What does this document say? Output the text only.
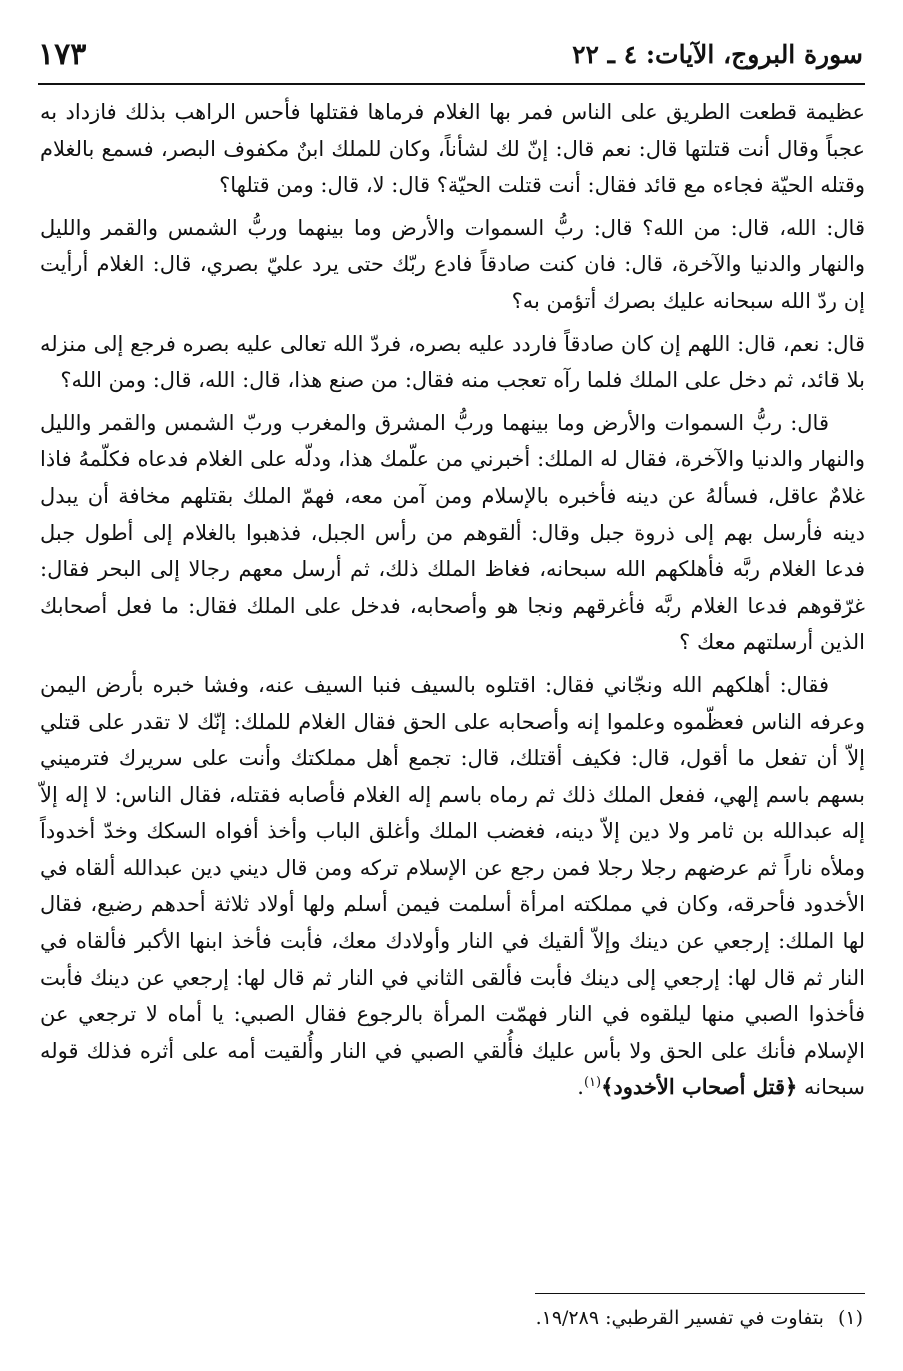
سورة البروج، الآيات: ٤ ـ ٢٢
١٧٣

عظيمة قطعت الطريق على الناس فمر بها الغلام فرماها فقتلها فأحس الراهب بذلك فازداد به عجباً وقال أنت قتلتها قال: نعم قال: إنّ لك لشأناً، وكان للملك ابنٌ مكفوف البصر، فسمع بالغلام وقتله الحيّة فجاءه مع قائد فقال: أنت قتلت الحيّة؟ قال: لا، قال: ومن قتلها؟

قال: الله، قال: من الله؟ قال: ربُّ السموات والأرض وما بينهما وربُّ الشمس والقمر والليل والنهار والدنيا والآخرة، قال: فان كنت صادقاً فادع ربّك حتى يرد عليّ بصري، قال: الغلام أرأيت إن ردّ الله سبحانه عليك بصرك أتؤمن به؟

قال: نعم، قال: اللهم إن كان صادقاً فاردد عليه بصره، فردّ الله تعالى عليه بصره فرجع إلى منزله بلا قائد، ثم دخل على الملك فلما رآه تعجب منه فقال: من صنع هذا، قال: الله، قال: ومن الله؟

قال: ربُّ السموات والأرض وما بينهما وربُّ المشرق والمغرب وربّ الشمس والقمر والليل والنهار والدنيا والآخرة، فقال له الملك: أخبرني من علّمك هذا، ودلّه على الغلام فدعاه فكلّمهُ فاذا غلامٌ عاقل، فسألهُ عن دينه فأخبره بالإسلام ومن آمن معه، فهمّ الملك بقتلهم مخافة أن يبدل دينه فأرسل بهم إلى ذروة جبل وقال: ألقوهم من رأس الجبل، فذهبوا بالغلام إلى أطول جبل فدعا الغلام ربَّه فأهلكهم الله سبحانه، فغاظ الملك ذلك، ثم أرسل معهم رجالا إلى البحر فقال: غرّقوهم فدعا الغلام ربَّه فأغرقهم ونجا هو وأصحابه، فدخل على الملك فقال: ما فعل أصحابك الذين أرسلتهم معك ؟

فقال: أهلكهم الله ونجّاني فقال: اقتلوه بالسيف فنبا السيف عنه، وفشا خبره بأرض اليمن وعرفه الناس فعظّموه وعلموا إنه وأصحابه على الحق فقال الغلام للملك: إنّك لا تقدر على قتلي إلاّ أن تفعل ما أقول، قال: فكيف أقتلك، قال: تجمع أهل مملكتك وأنت على سريرك فترميني بسهم باسم إلهي، ففعل الملك ذلك ثم رماه باسم إله الغلام فأصابه فقتله، فقال الناس: لا إله إلاّ إله عبدالله بن ثامر ولا دين إلاّ دينه، فغضب الملك وأغلق الباب وأخذ أفواه السكك وخدّ أخدوداً وملأه ناراً ثم عرضهم رجلا رجلا فمن رجع عن الإسلام تركه ومن قال ديني دين عبدالله ألقاه في الأخدود فأحرقه، وكان في مملكته امرأة أسلمت فيمن أسلم ولها أولاد ثلاثة أحدهم رضيع، فقال لها الملك: إرجعي عن دينك وإلاّ ألقيك في النار وأولادك معك، فأبت فأخذ ابنها الأكبر فألقاه في النار ثم قال لها: إرجعي إلى دينك فأبت فألقى الثاني في النار ثم قال لها: إرجعي عن دينك فأبت فأخذوا الصبي منها ليلقوه في النار فهمّت المرأة بالرجوع فقال الصبي: يا أماه لا ترجعي عن الإسلام فأنك على الحق ولا بأس عليك فأُلقي الصبي في النار وأُلقيت أمه على أثره فذلك قوله سبحانه ﴿قتل أصحاب الأخدود﴾$^{(١)}$.

(١)بتفاوت في تفسير القرطبي: ١٩/٢٨٩.
